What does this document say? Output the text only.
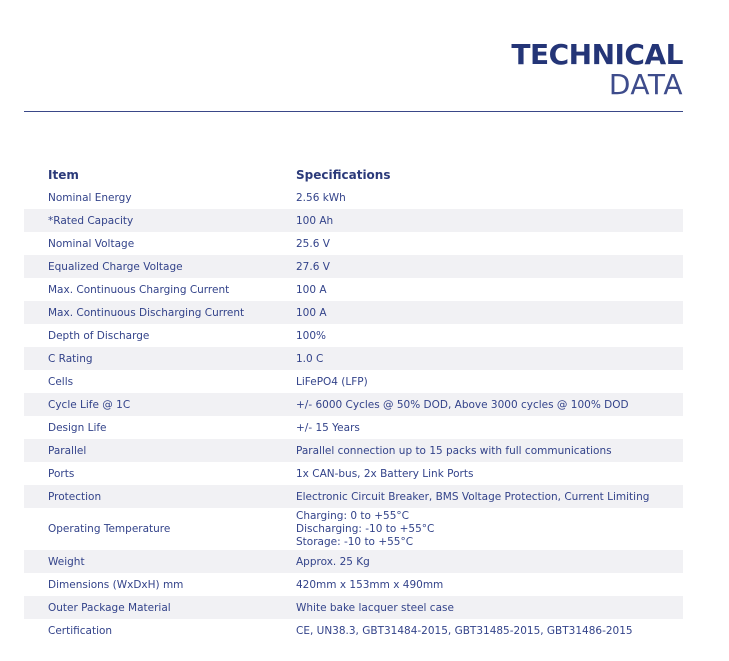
TECHNICAL
DATA
Item	Specifications
Nominal Energy	2.56 kWh
*Rated Capacity	100 Ah
Nominal Voltage	25.6 V
Equalized Charge Voltage	27.6 V
Max. Continuous Charging Current	100 A
Max. Continuous Discharging Current	100 A
Depth of Discharge	100%
C Rating	1.0 C
Cells	LiFePO4 (LFP)
Cycle Life @ 1C	+/- 6000 Cycles @ 50% DOD, Above 3000 cycles @ 100% DOD
Design Life	+/- 15 Years
Parallel	Parallel connection up to 15 packs with full communications
Ports	1x CAN-bus, 2x Battery Link Ports
Protection	Electronic Circuit Breaker, BMS Voltage Protection, Current Limiting
Operating Temperature	Charging: 0 to +55°C
Discharging: -10 to +55°C
Storage: -10 to +55°C

Weight	Approx. 25 Kg
Dimensions (WxDxH) mm	420mm x 153mm x 490mm
Outer Package Material	White bake lacquer steel case
Certification	CE, UN38.3, GBT31484-2015, GBT31485-2015, GBT31486-2015
